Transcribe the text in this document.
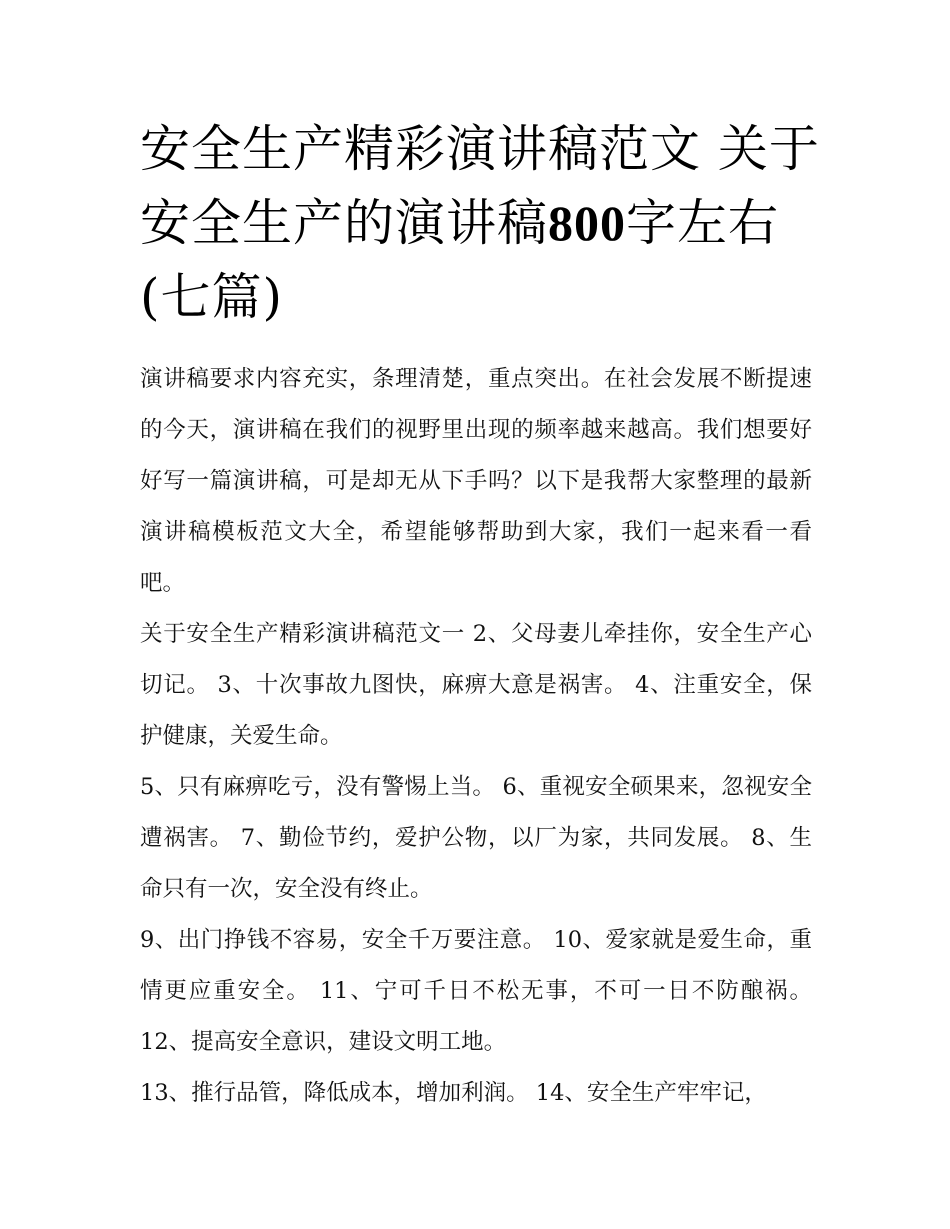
安全生产精彩演讲稿范文 关于安全生产的演讲稿800字左右(七篇)

演讲稿要求内容充实，条理清楚，重点突出。在社会发展不断提速的今天，演讲稿在我们的视野里出现的频率越来越高。我们想要好好写一篇演讲稿，可是却无从下手吗？以下是我帮大家整理的最新演讲稿模板范文大全，希望能够帮助到大家，我们一起来看一看吧。

关于安全生产精彩演讲稿范文一 2、父母妻儿牵挂你，安全生产心切记。 3、十次事故九图快，麻痹大意是祸害。 4、注重安全，保护健康，关爱生命。

5、只有麻痹吃亏，没有警惕上当。 6、重视安全硕果来，忽视安全遭祸害。 7、勤俭节约，爱护公物，以厂为家，共同发展。 8、生命只有一次，安全没有终止。

9、出门挣钱不容易，安全千万要注意。 10、爱家就是爱生命，重情更应重安全。 11、宁可千日不松无事，不可一日不防酿祸。 12、提高安全意识，建设文明工地。

13、推行品管，降低成本，增加利润。 14、安全生产牢牢记，
